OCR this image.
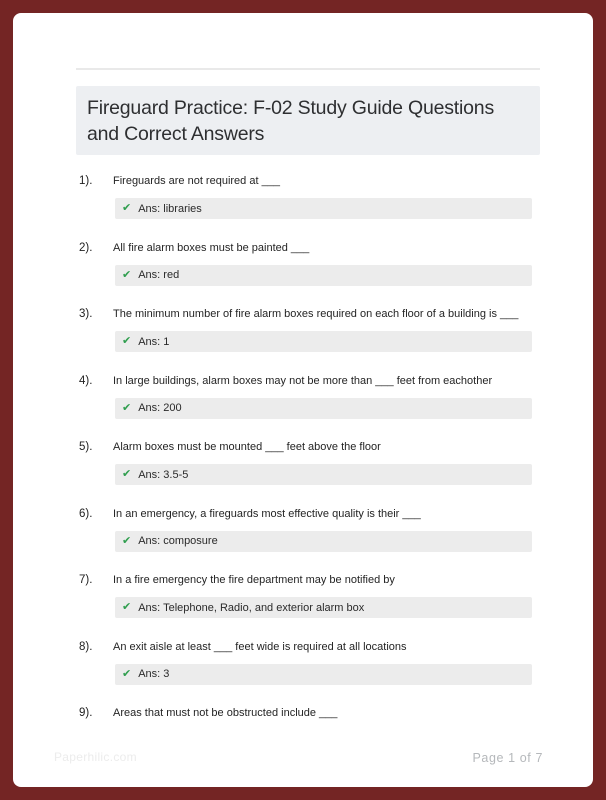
Fireguard Practice: F-02 Study Guide Questions and Correct Answers
1).	Fireguards are not required at ___
✔ Ans: libraries
2).	All fire alarm boxes must be painted ___
✔ Ans: red
3).	The minimum number of fire alarm boxes required on each floor of a building is ___
✔ Ans: 1
4).	In large buildings, alarm boxes may not be more than ___ feet from eachother
✔ Ans: 200
5).	Alarm boxes must be mounted ___ feet above the floor
✔ Ans: 3.5-5
6).	In an emergency, a fireguards most effective quality is their ___
✔ Ans: composure
7).	In a fire emergency the fire department may be notified by
✔ Ans: Telephone, Radio, and exterior alarm box
8).	An exit aisle at least ___ feet wide is required at all locations
✔ Ans: 3
9).	Areas that must not be obstructed include ___
Paperhilic.com	Page 1 of 7
